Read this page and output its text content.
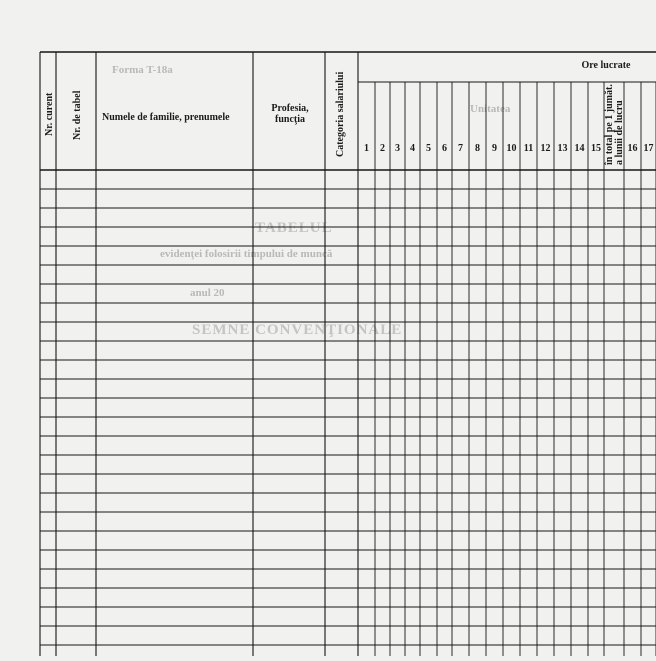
Forma T-18a
Unitatea
TABELUL
evidenţei folosirii timpului de muncă
anul 20
SEMNE CONVENŢIONALE
Nr. curent Nr. de tabel Numele de familie, prenumele
Profesia,
funcţia	Categoria salariului
Ore lucrate
în total pe 1 jumăt. a lunii de lucru
1 2 3 4 5 6 7 8 9 10 11 12 13 14 15	16 17
